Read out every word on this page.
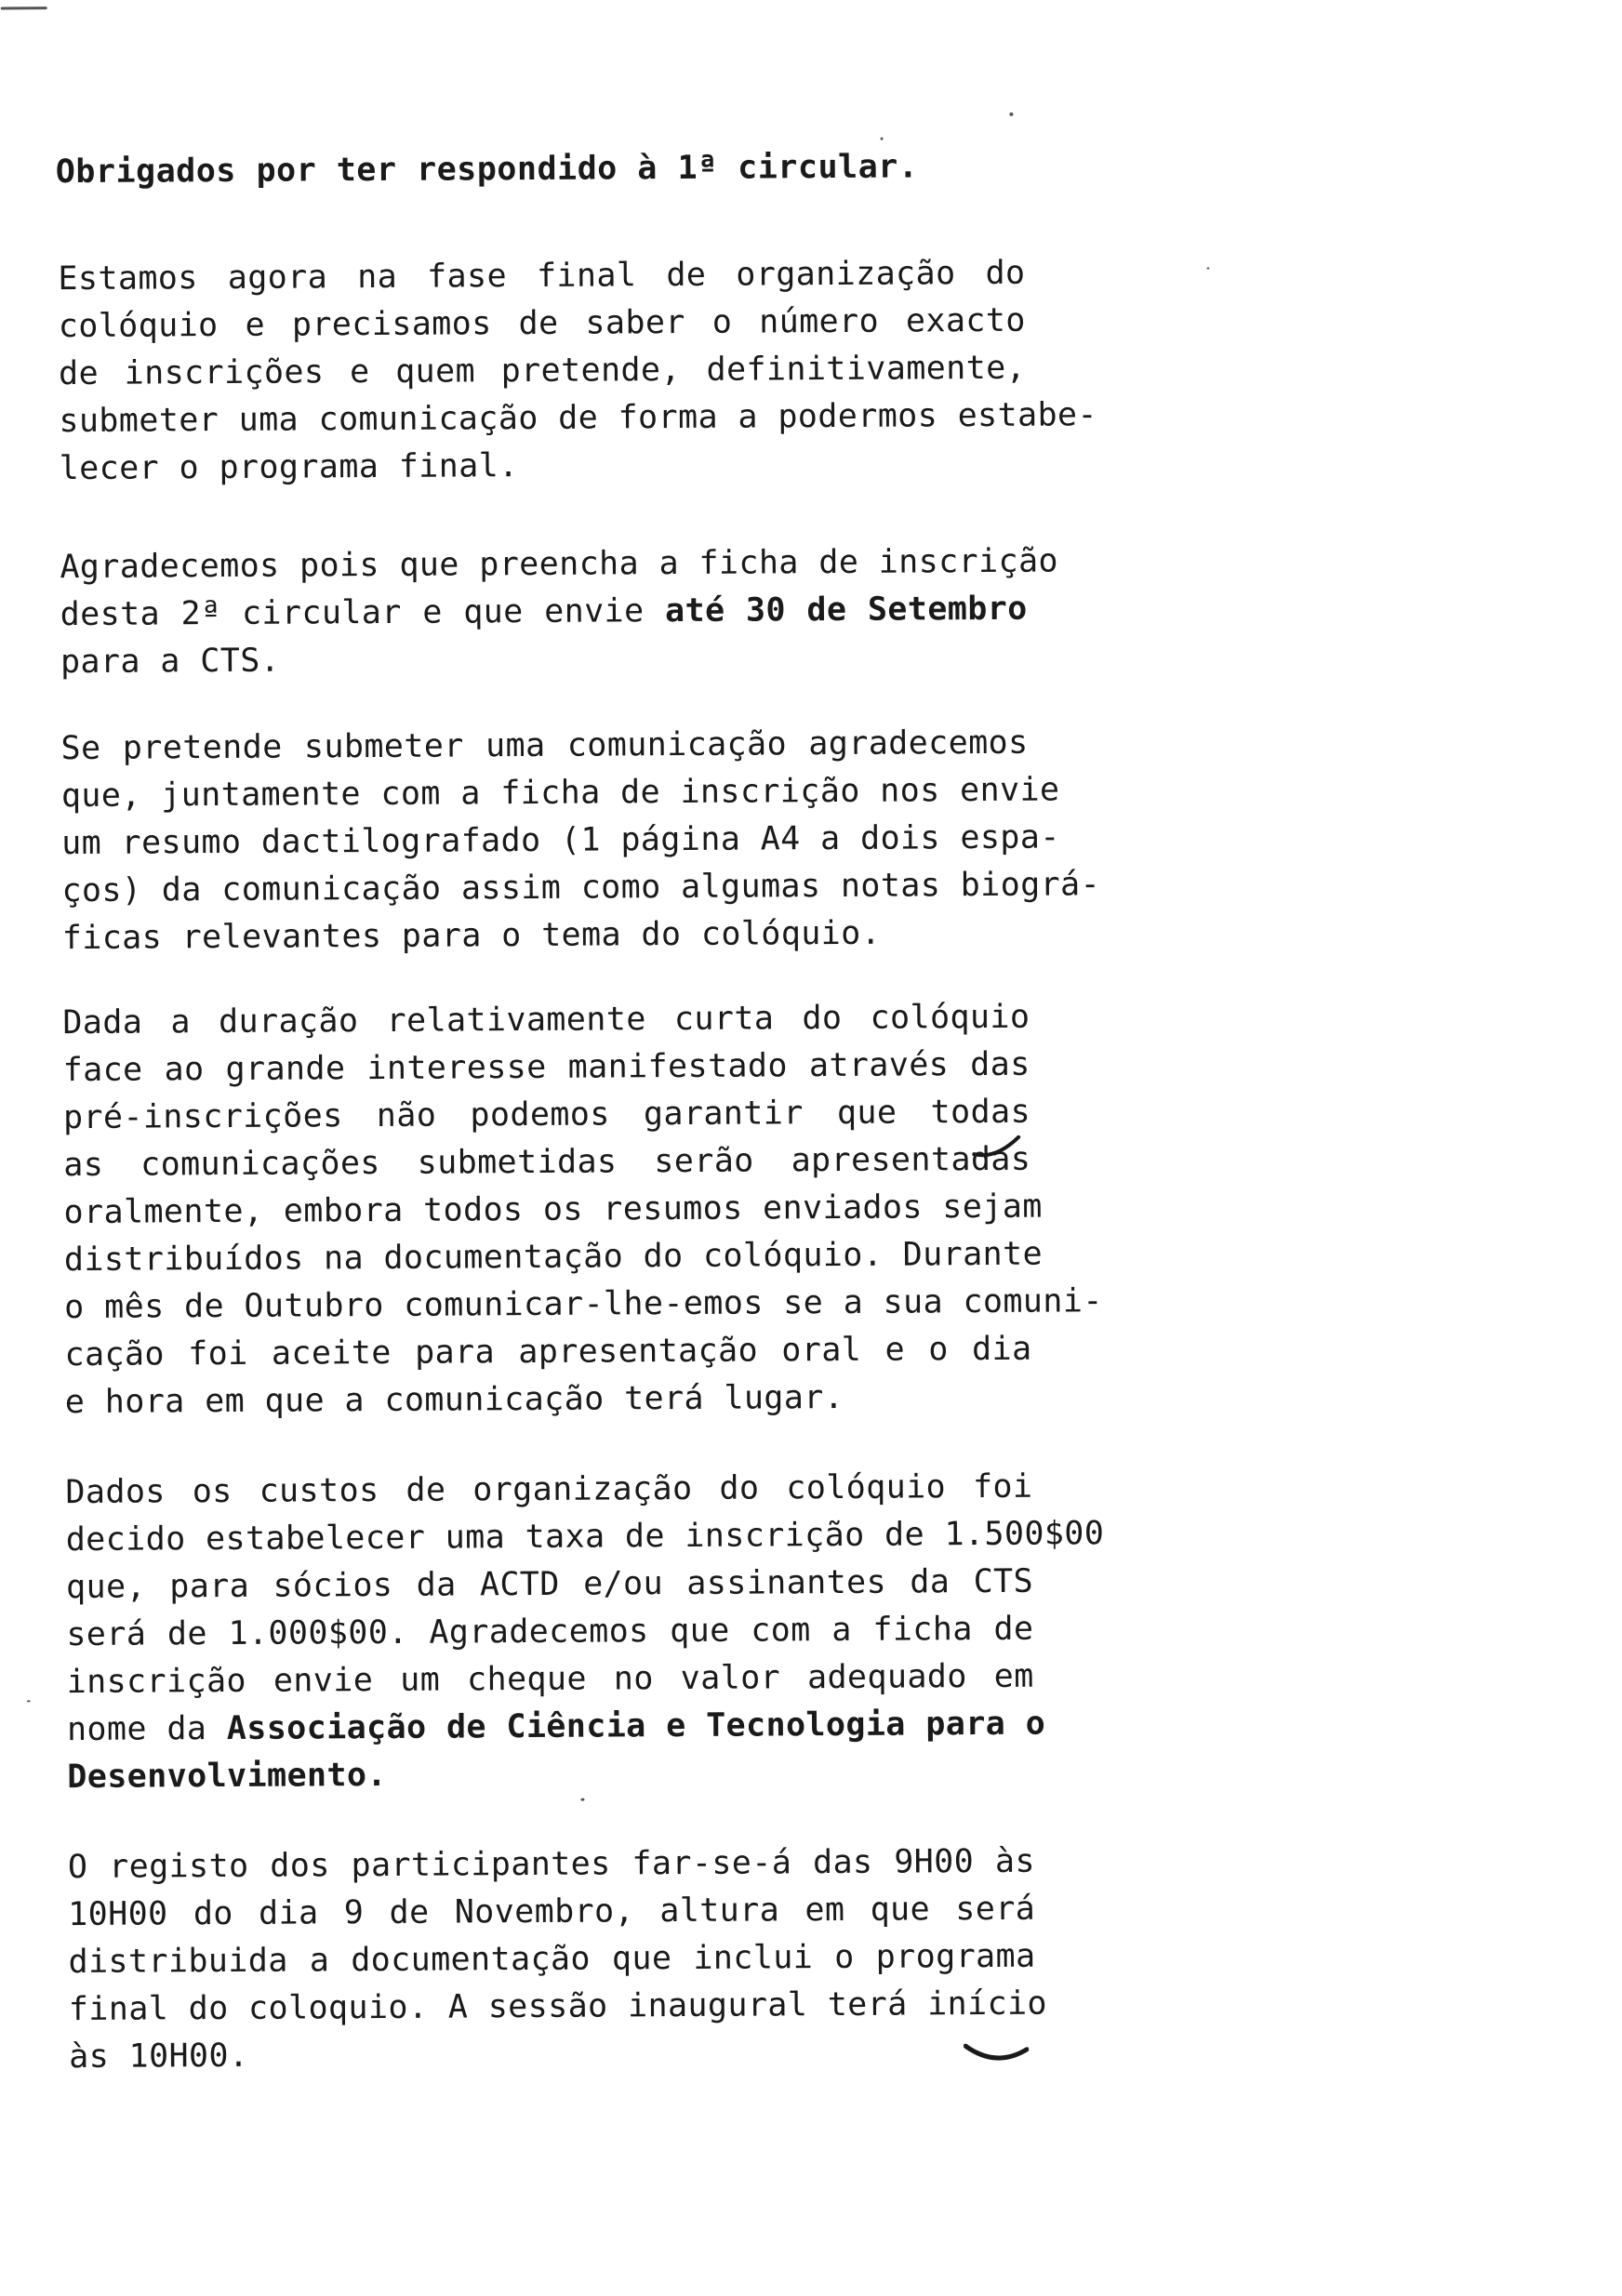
Obrigados por ter respondido à 1ª circular.

Estamos agora na fase final de organização do
colóquio e precisamos de saber o número exacto
de inscrições e quem pretende, definitivamente,
submeter uma comunicação de forma a podermos estabe-
lecer o programa final.

Agradecemos pois que preencha a ficha de inscrição
desta 2ª circular e que envie até 30 de Setembro
para a CTS.

Se pretende submeter uma comunicação agradecemos
que, juntamente com a ficha de inscrição nos envie
um resumo dactilografado (1 página A4 a dois espa-
ços) da comunicação assim como algumas notas biográ-
ficas relevantes para o tema do colóquio.

Dada a duração relativamente curta do colóquio
face ao grande interesse manifestado através das
pré-inscrições não podemos garantir que todas
as comunicações submetidas serão apresentadas
oralmente, embora todos os resumos enviados sejam
distribuídos na documentação do colóquio. Durante
o mês de Outubro comunicar-lhe-emos se a sua comuni-
cação foi aceite para apresentação oral e o dia
e hora em que a comunicação terá lugar.

Dados os custos de organização do colóquio foi
decido estabelecer uma taxa de inscrição de 1.500$00
que, para sócios da ACTD e/ou assinantes da CTS
será de 1.000$00. Agradecemos que com a ficha de
inscrição envie um cheque no valor adequado em
nome da Associação de Ciência e Tecnologia para o
Desenvolvimento.

O registo dos participantes far-se-á das 9H00 às
10H00 do dia 9 de Novembro, altura em que será
distribuida a documentação que inclui o programa
final do coloquio. A sessão inaugural terá início
às 10H00.
